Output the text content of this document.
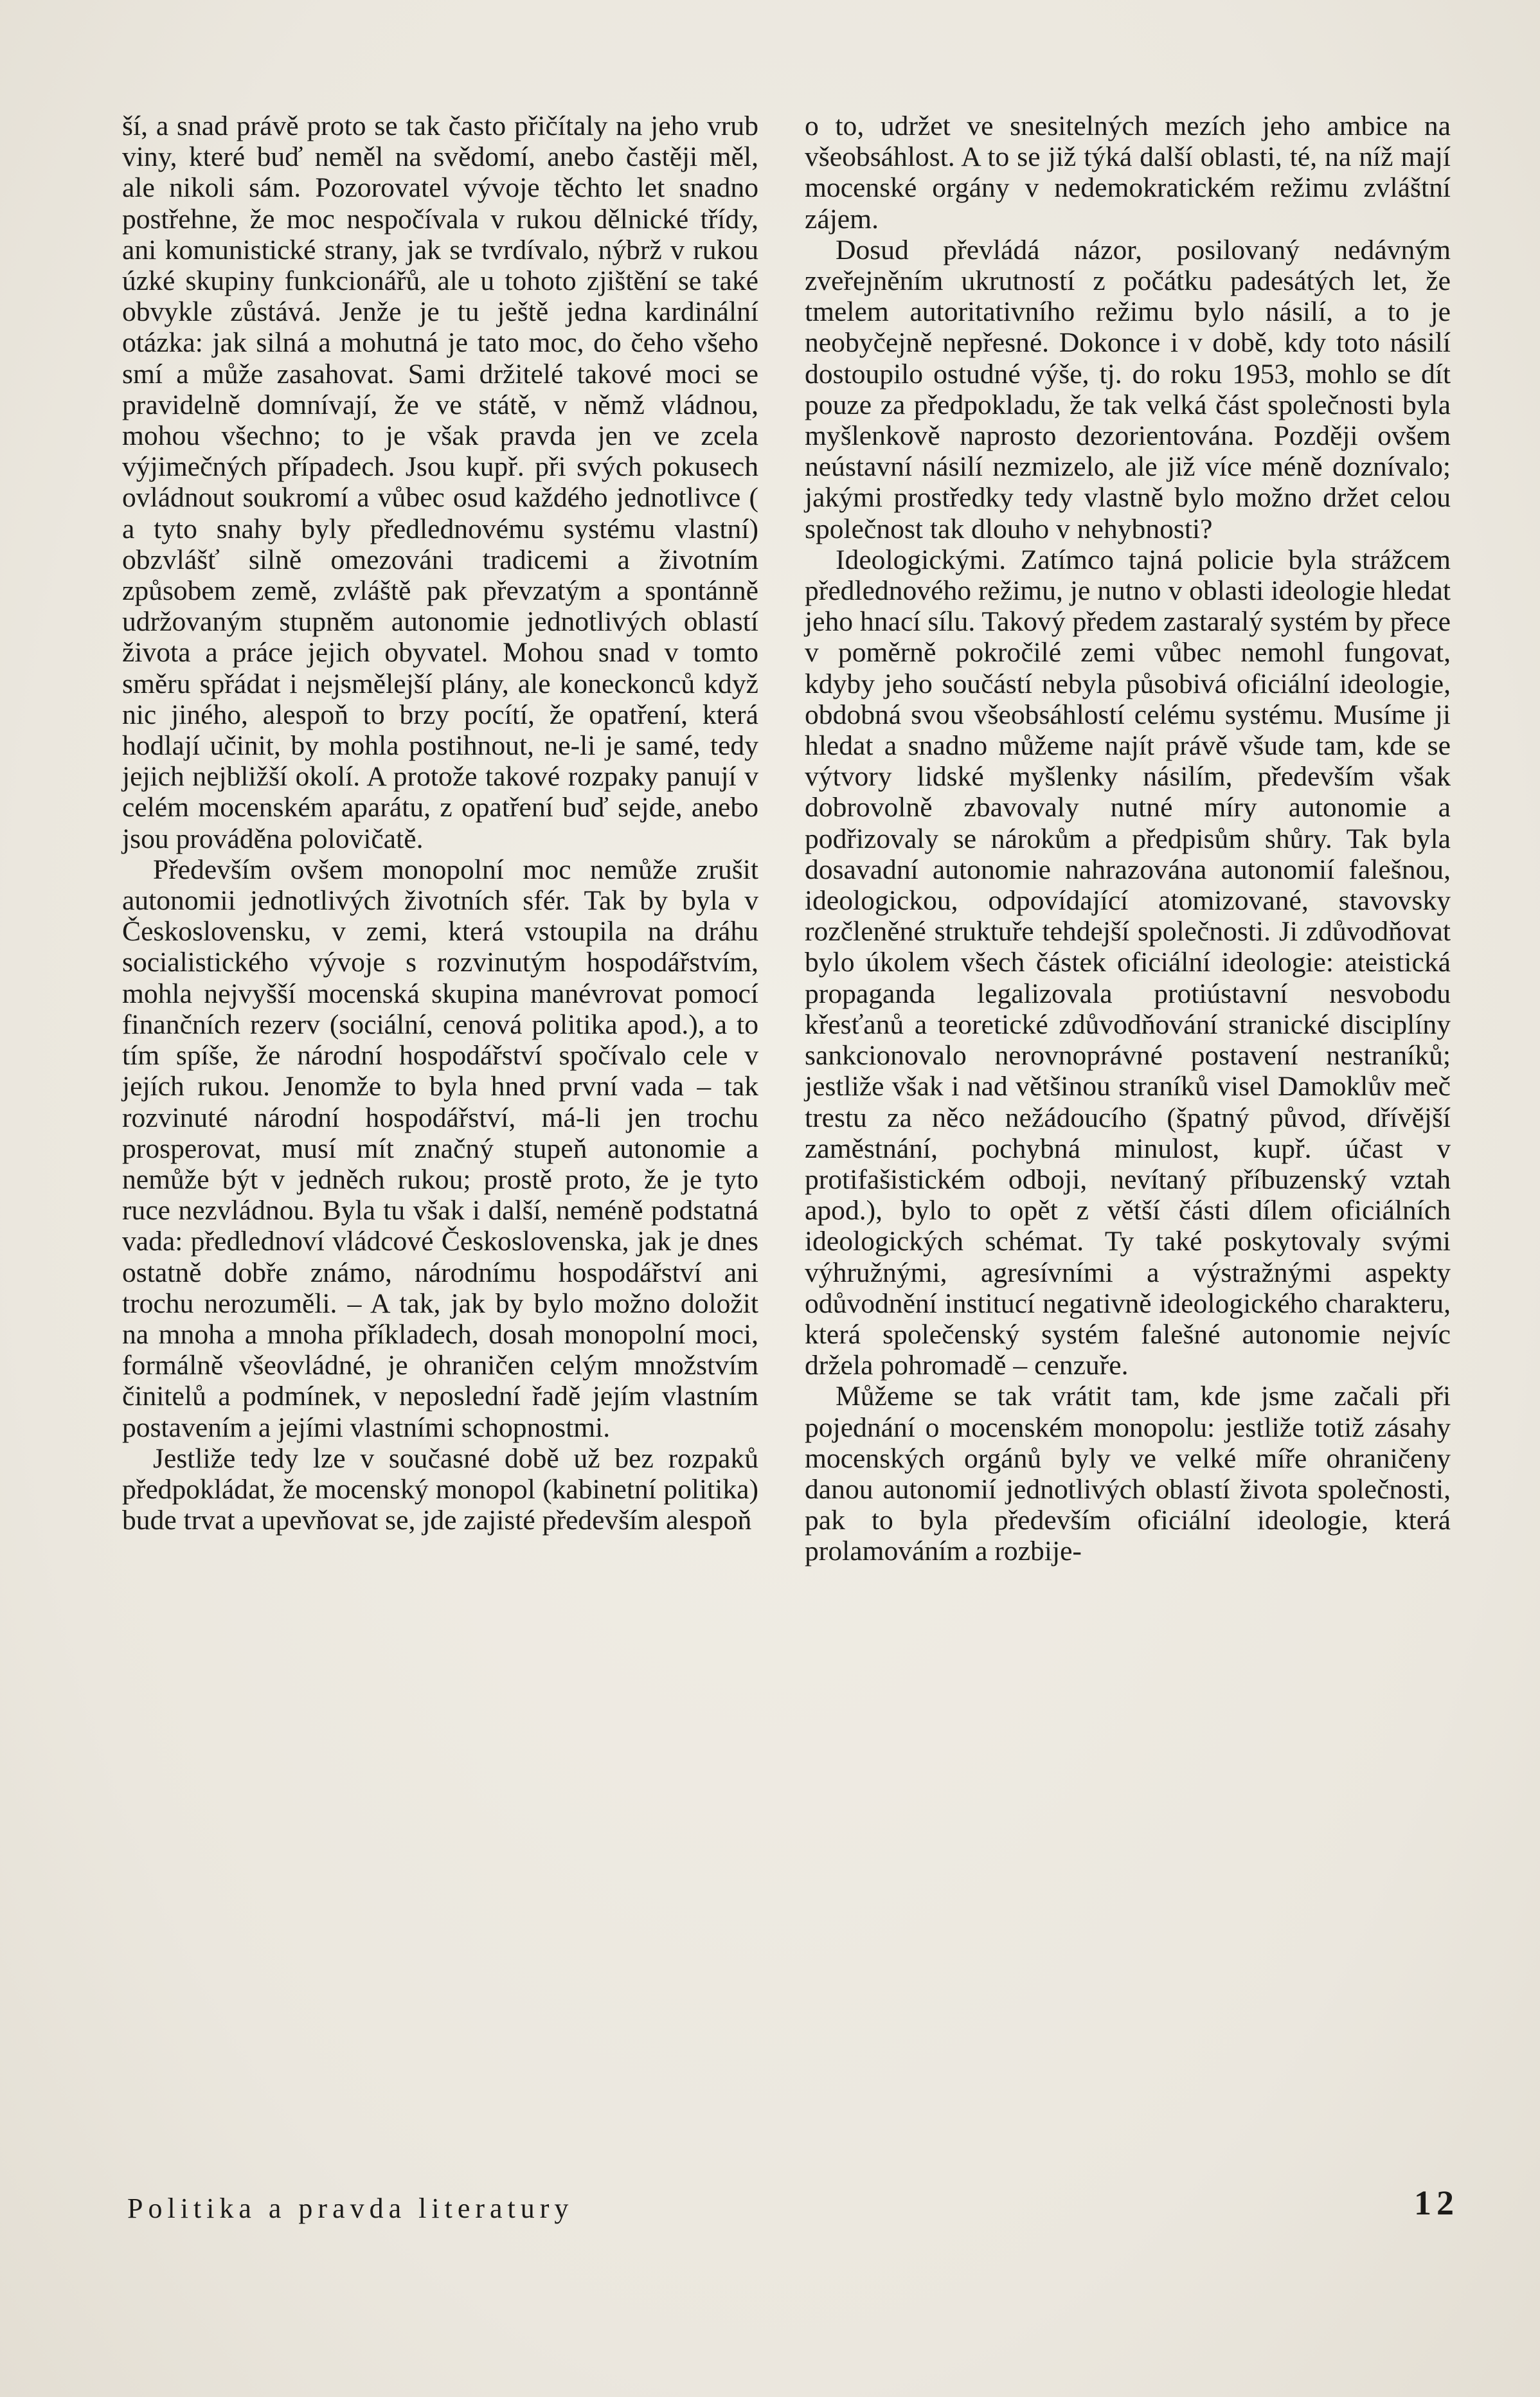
ší, a snad právě proto se tak často přičítaly na jeho vrub viny, které buď neměl na svědomí, anebo častěji měl, ale nikoli sám. Pozorovatel vývoje těchto let snadno postřehne, že moc nespočívala v rukou dělnické třídy, ani komunistické strany, jak se tvrdívalo, nýbrž v rukou úzké skupiny funkcionářů, ale u tohoto zjištění se také obvykle zůstává. Jenže je tu ještě jedna kardinální otázka: jak silná a mohutná je tato moc, do čeho všeho smí a může zasahovat. Sami držitelé takové moci se pravidelně domnívají, že ve státě, v němž vládnou, mohou všechno; to je však pravda jen ve zcela výjimečných případech. Jsou kupř. při svých pokusech ovládnout soukromí a vůbec osud každého jednotlivce ( a tyto snahy byly předlednovému systému vlastní) obzvlášť silně omezováni tradicemi a životním způsobem země, zvláště pak převzatým a spontánně udržovaným stupněm autonomie jednotlivých oblastí života a práce jejich obyvatel. Mohou snad v tomto směru spřádat i nejsmělejší plány, ale koneckonců když nic jiného, alespoň to brzy pocítí, že opatření, která hodlají učinit, by mohla postihnout, ne-li je samé, tedy jejich nejbližší okolí. A protože takové rozpaky panují v celém mocenském aparátu, z opatření buď sejde, anebo jsou prováděna polovičatě.

Především ovšem monopolní moc nemůže zrušit autonomii jednotlivých životních sfér. Tak by byla v Československu, v zemi, která vstoupila na dráhu socialistického vývoje s rozvinutým hospodářstvím, mohla nejvyšší mocenská skupina manévrovat pomocí finančních rezerv (sociální, cenová politika apod.), a to tím spíše, že národní hospodářství spočívalo cele v jejích rukou. Jenomže to byla hned první vada – tak rozvinuté národní hospodářství, má-li jen trochu prosperovat, musí mít značný stupeň autonomie a nemůže být v jedněch rukou; prostě proto, že je tyto ruce nezvládnou. Byla tu však i další, neméně podstatná vada: předlednoví vládcové Československa, jak je dnes ostatně dobře známo, národnímu hospodářství ani trochu nerozuměli. – A tak, jak by bylo možno doložit na mnoha a mnoha příkladech, dosah monopolní moci, formálně všeovládné, je ohraničen celým množstvím činitelů a podmínek, v neposlední řadě jejím vlastním postavením a jejími vlastními schopnostmi.

Jestliže tedy lze v současné době už bez rozpaků předpokládat, že mocenský monopol (kabinetní politika) bude trvat a upevňovat se, jde zajisté především alespoň

o to, udržet ve snesitelných mezích jeho ambice na všeobsáhlost. A to se již týká další oblasti, té, na níž mají mocenské orgány v nedemokratickém režimu zvláštní zájem.

Dosud převládá názor, posilovaný nedávným zveřejněním ukrutností z počátku padesátých let, že tmelem autoritativního režimu bylo násilí, a to je neobyčejně nepřesné. Dokonce i v době, kdy toto násilí dostoupilo ostudné výše, tj. do roku 1953, mohlo se dít pouze za předpokladu, že tak velká část společnosti byla myšlenkově naprosto dezorientována. Později ovšem neústavní násilí nezmizelo, ale již více méně doznívalo; jakými prostředky tedy vlastně bylo možno držet celou společnost tak dlouho v nehybnosti?

Ideologickými. Zatímco tajná policie byla strážcem předlednového režimu, je nutno v oblasti ideologie hledat jeho hnací sílu. Takový předem zastaralý systém by přece v poměrně pokročilé zemi vůbec nemohl fungovat, kdyby jeho součástí nebyla působivá oficiální ideologie, obdobná svou všeobsáhlostí celému systému. Musíme ji hledat a snadno můžeme najít právě všude tam, kde se výtvory lidské myšlenky násilím, především však dobrovolně zbavovaly nutné míry autonomie a podřizovaly se nárokům a předpisům shůry. Tak byla dosavadní autonomie nahrazována autonomií falešnou, ideologickou, odpovídající atomizované, stavovsky rozčleněné struktuře tehdejší společnosti. Ji zdůvodňovat bylo úkolem všech částek oficiální ideologie: ateistická propaganda legalizovala protiústavní nesvobodu křesťanů a teoretické zdůvodňování stranické disciplíny sankcionovalo nerovnoprávné postavení nestraníků; jestliže však i nad většinou straníků visel Damoklův meč trestu za něco nežádoucího (špatný původ, dřívější zaměstnání, pochybná minulost, kupř. účast v protifašistickém odboji, nevítaný příbuzenský vztah apod.), bylo to opět z větší části dílem oficiálních ideologických schémat. Ty také poskytovaly svými výhružnými, agresívními a výstražnými aspekty odůvodnění institucí negativně ideologického charakteru, která společenský systém falešné autonomie nejvíc držela pohromadě – cenzuře.

Můžeme se tak vrátit tam, kde jsme začali při pojednání o mocenském monopolu: jestliže totiž zásahy mocenských orgánů byly ve velké míře ohraničeny danou autonomií jednotlivých oblastí života společnosti, pak to byla především oficiální ideologie, která prolamováním a rozbije-

Politika a pravda literatury	12
